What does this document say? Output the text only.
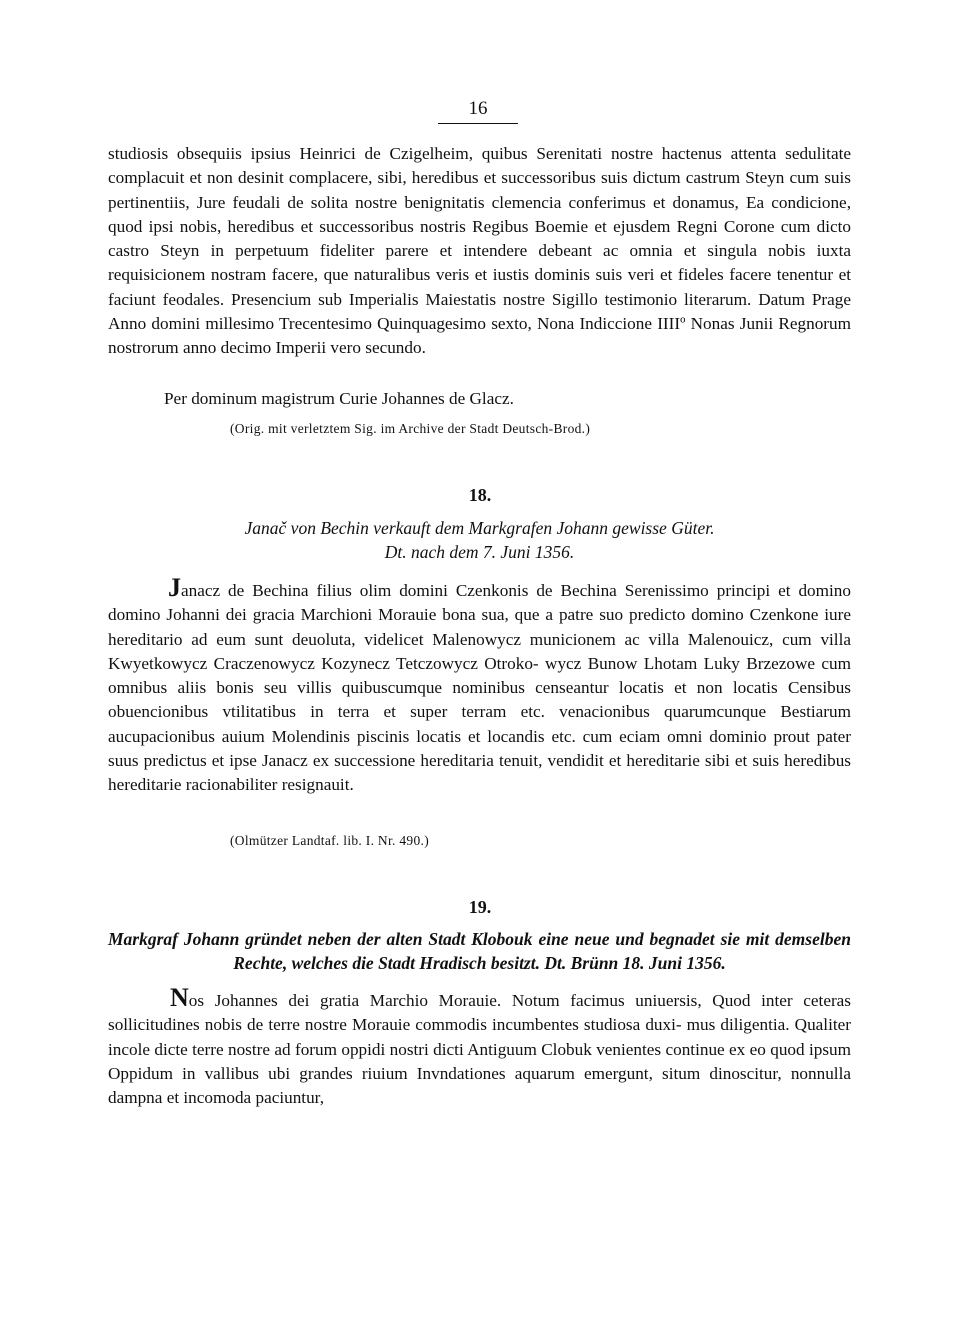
16

studiosis obsequiis ipsius Heinrici de Czigelheim, quibus Serenitati nostre hactenus attenta sedulitate complacuit et non desinit complacere, sibi, heredibus et successoribus suis dictum castrum Steyn cum suis pertinentiis, Jure feudali de solita nostre benignitatis clemencia conferimus et donamus, Ea condicione, quod ipsi nobis, heredibus et successoribus nostris Regibus Boemie et ejusdem Regni Corone cum dicto castro Steyn in perpetuum fideliter parere et intendere debeant ac omnia et singula nobis iuxta requisicionem nostram facere, que naturalibus veris et iustis dominis suis veri et fideles facere tenentur et faciunt feodales. Presencium sub Imperialis Maiestatis nostre Sigillo testimonio literarum. Datum Prage Anno domini millesimo Trecentesimo Quinquagesimo sexto, Nona Indiccione IIIIº Nonas Junii Regnorum nostrorum anno decimo Imperii vero secundo.

Per dominum magistrum Curie Johannes de Glacz.
(Orig. mit verletztem Sig. im Archive der Stadt Deutsch-Brod.)
18.
Janač von Bechin verkauft dem Markgrafen Johann gewisse Güter.
Dt. nach dem 7. Juni 1356.

Janacz de Bechina filius olim domini Czenkonis de Bechina Serenissimo principi et domino domino Johanni dei gracia Marchioni Morauie bona sua, que a patre suo predicto domino Czenkone iure hereditario ad eum sunt deuoluta, videlicet Malenowycz municionem ac villa Malenouicz, cum villa Kwyetkowycz Craczenowycz Kozynecz Tetczowycz Otroko- wycz Bunow Lhotam Luky Brzezowe cum omnibus aliis bonis seu villis quibuscumque nominibus censeantur locatis et non locatis Censibus obuencionibus vtilitatibus in terra et super terram etc. venacionibus quarumcunque Bestiarum aucupacionibus auium Molendinis piscinis locatis et locandis etc. cum eciam omni dominio prout pater suus predictus et ipse Janacz ex successione hereditaria tenuit, vendidit et hereditarie sibi et suis heredibus hereditarie racionabiliter resignauit.

(Olmützer Landtaf. lib. I. Nr. 490.)
19.
Markgraf Johann gründet neben der alten Stadt Klobouk eine neue und begnadet sie mit demselben Rechte, welches die Stadt Hradisch besitzt. Dt. Brünn 18. Juni 1356.

Nos Johannes dei gratia Marchio Morauie. Notum facimus uniuersis, Quod inter ceteras sollicitudines nobis de terre nostre Morauie commodis incumbentes studiosa duxi- mus diligentia. Qualiter incole dicte terre nostre ad forum oppidi nostri dicti Antiguum Clobuk venientes continue ex eo quod ipsum Oppidum in vallibus ubi grandes riuium Invndationes aquarum emergunt, situm dinoscitur, nonnulla dampna et incomoda paciuntur,
